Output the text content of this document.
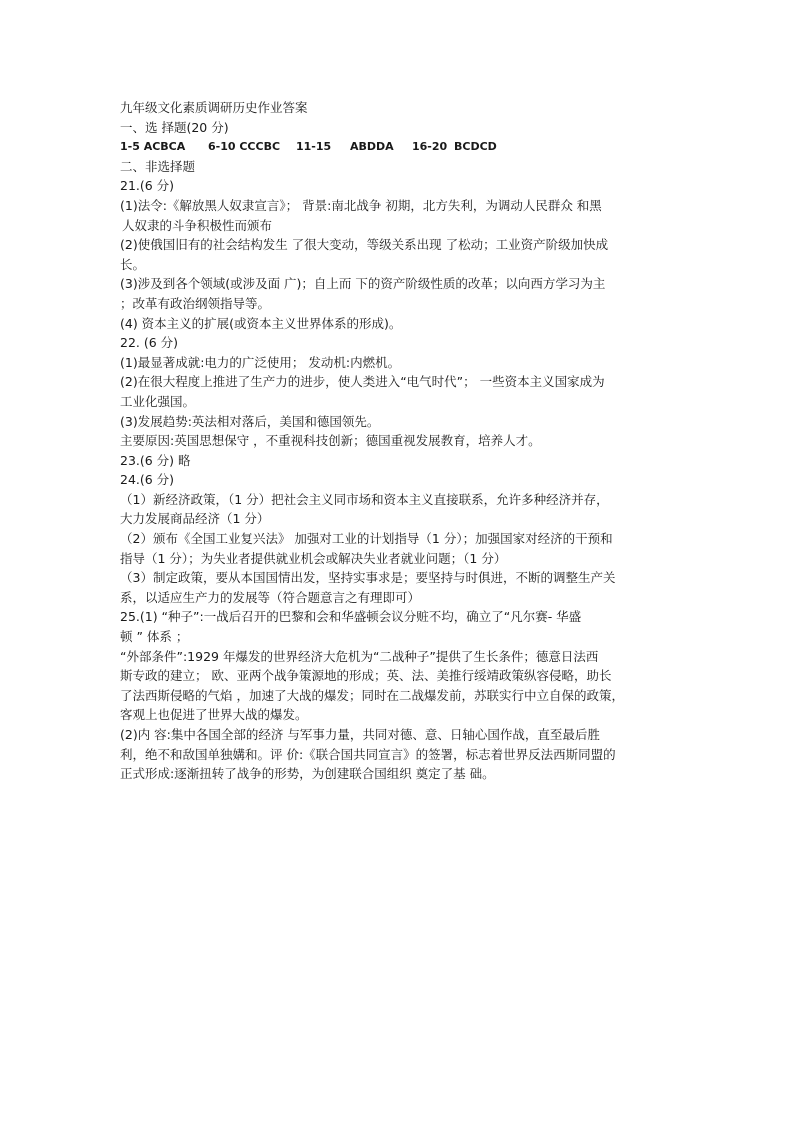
九年级文化素质调研历史作业答案
一、选 择题(20 分)
1-5 ACBCA	6-10 CCCBC	11-15	ABDDA	16-20 BCDCD
二、非选择题
21.(6 分)
(1)法令:《解放黑人奴隶宣言》； 背景:南北战争 初期，北方失利，为调动人民群众 和黑
人奴隶的斗争积极性而颁布
(2)使俄国旧有的社会结构发生 了很大变动，等级关系出现 了松动；工业资产阶级加快成
长。
(3)涉及到各个领域(或涉及面 广)；自上而 下的资产阶级性质的改革；以向西方学习为主
；改革有政治纲领指导等。
(4) 资本主义的扩展(或资本主义世界体系的形成)。
22. (6 分)
(1)最显著成就:电力的广泛使用； 发动机:内燃机。
(2)在很大程度上推进了生产力的进步，使人类进入“电气时代”； 一些资本主义国家成为
工业化强国。
(3)发展趋势:英法相对落后，美国和德国领先。
主要原因:英国思想保守 ，不重视科技创新；德国重视发展教育，培养人才。
23.(6 分) 略
24.(6 分)
（1）新经济政策，（1 分）把社会主义同市场和资本主义直接联系，允许多种经济并存，
大力发展商品经济（1 分）
（2）颁布《全国工业复兴法》 加强对工业的计划指导（1 分）；加强国家对经济的干预和
指导（1 分）；为失业者提供就业机会或解决失业者就业问题；（1 分）
（3）制定政策，要从本国国情出发，坚持实事求是；要坚持与时俱进，不断的调整生产关
系，以适应生产力的发展等（符合题意言之有理即可）
25.(1) “种子”:一战后召开的巴黎和会和华盛顿会议分赃不均，确立了“凡尔赛- 华盛
顿 ” 体系 ；
“外部条件”:1929 年爆发的世界经济大危机为“二战种子”提供了生长条件；德意日法西
斯专政的建立； 欧、亚两个战争策源地的形成；英、法、美推行绥靖政策纵容侵略，助长
了法西斯侵略的气焰 ，加速了大战的爆发；同时在二战爆发前，苏联实行中立自保的政策，
客观上也促进了世界大战的爆发。
(2)内 容:集中各国全部的经济 与军事力量，共同对德、意、日轴心国作战，直至最后胜
利，绝不和敌国单独媾和。评 价:《联合国共同宣言》的签署，标志着世界反法西斯同盟的
正式形成:逐渐扭转了战争的形势，为创建联合国组织 奠定了基 础。
